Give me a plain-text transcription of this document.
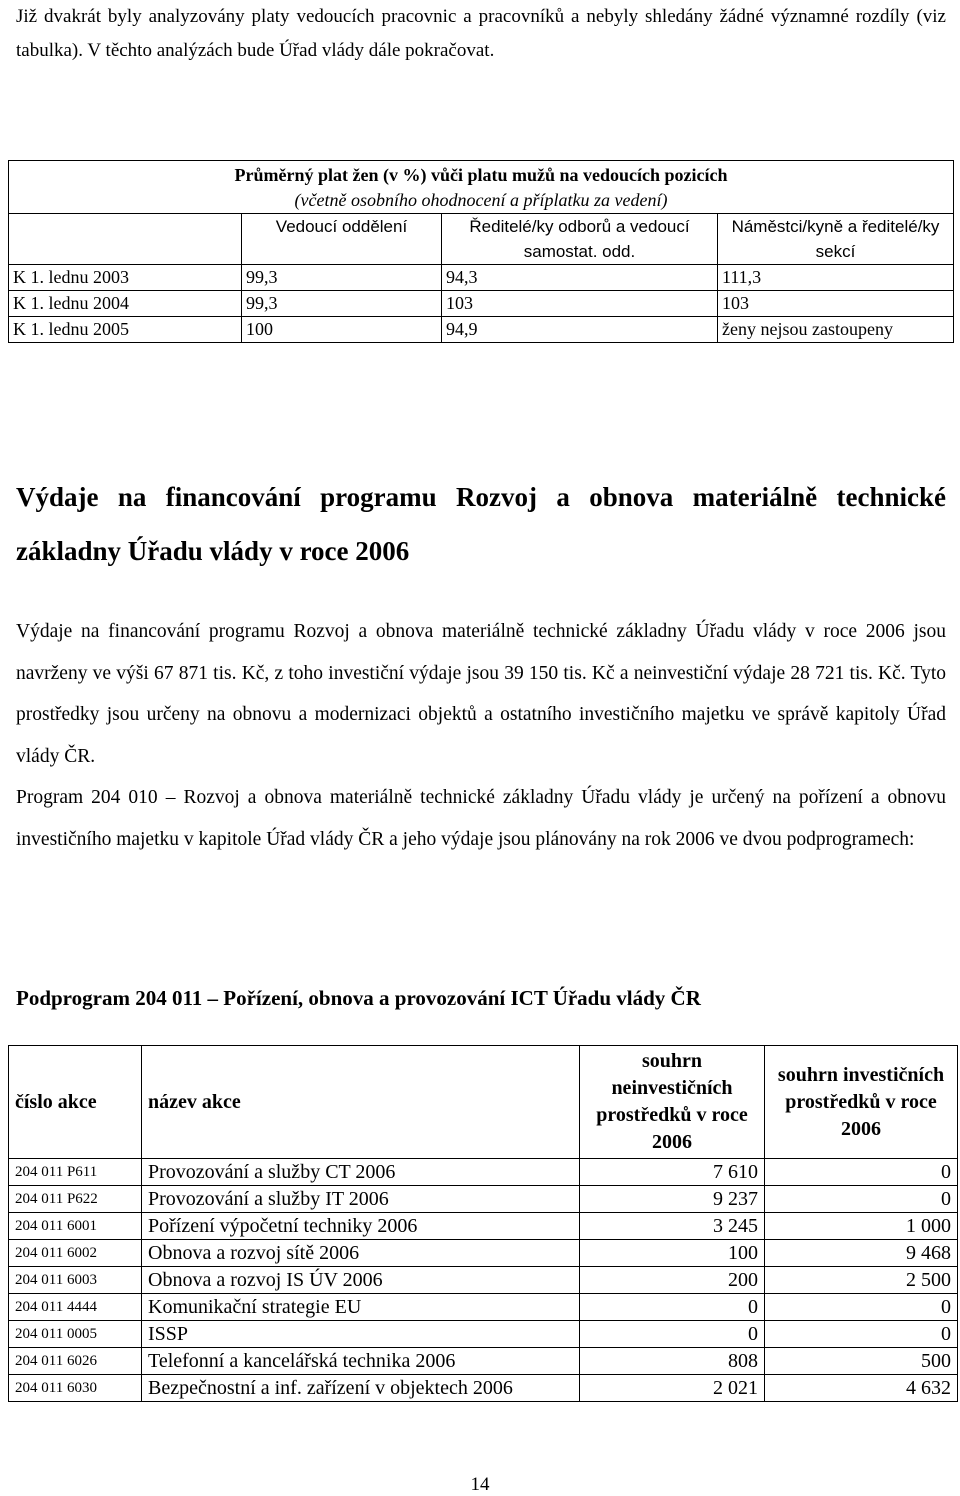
Již dvakrát byly analyzovány platy vedoucích pracovnic a pracovníků a nebyly shledány žádné významné rozdíly (viz tabulka). V těchto analýzách bude Úřad vlády dále pokračovat.
Průměrný plat žen (v %) vůči platu mužů na vedoucích pozicích			
(včetně osobního ohodnocení a příplatku za vedení)			
	Vedoucí oddělení	Ředitelé/ky odborů a vedoucí samostat. odd.	Náměstci/kyně a ředitelé/ky sekcí
K 1. lednu 2003	99,3	94,3	111,3
K 1. lednu 2004	99,3	103	103
K 1. lednu 2005	100	94,9	ženy nejsou zastoupeny
Výdaje na financování programu Rozvoj a obnova materiálně technické základny Úřadu vlády v roce 2006
Výdaje na financování programu Rozvoj a obnova materiálně technické základny Úřadu vlády v roce 2006 jsou navrženy ve výši 67 871 tis. Kč, z toho investiční výdaje jsou 39 150 tis. Kč a neinvestiční výdaje 28 721 tis. Kč. Tyto prostředky jsou určeny na obnovu a modernizaci objektů a ostatního investičního majetku ve správě kapitoly Úřad vlády ČR.
Program 204 010 – Rozvoj a obnova materiálně technické základny Úřadu vlády je určený na pořízení a obnovu investičního majetku v kapitole Úřad vlády ČR a jeho výdaje jsou plánovány na rok 2006 ve dvou podprogramech:
Podprogram 204 011 – Pořízení, obnova a provozování ICT Úřadu vlády ČR
číslo akce	název akce	souhrn neinvestičních prostředků v roce 2006	souhrn investičních prostředků v roce 2006
204 011 P611	Provozování a služby CT 2006	7 610	0
204 011 P622	Provozování a služby IT 2006	9 237	0
204 011 6001	Pořízení výpočetní techniky 2006	3 245	1 000
204 011 6002	Obnova a rozvoj sítě 2006	100	9 468
204 011 6003	Obnova a rozvoj IS ÚV 2006	200	2 500
204 011 4444	Komunikační strategie EU	0	0
204 011 0005	ISSP	0	0
204 011 6026	Telefonní a kancelářská technika 2006	808	500
204 011 6030	Bezpečnostní a inf. zařízení v objektech 2006	2 021	4 632
14
